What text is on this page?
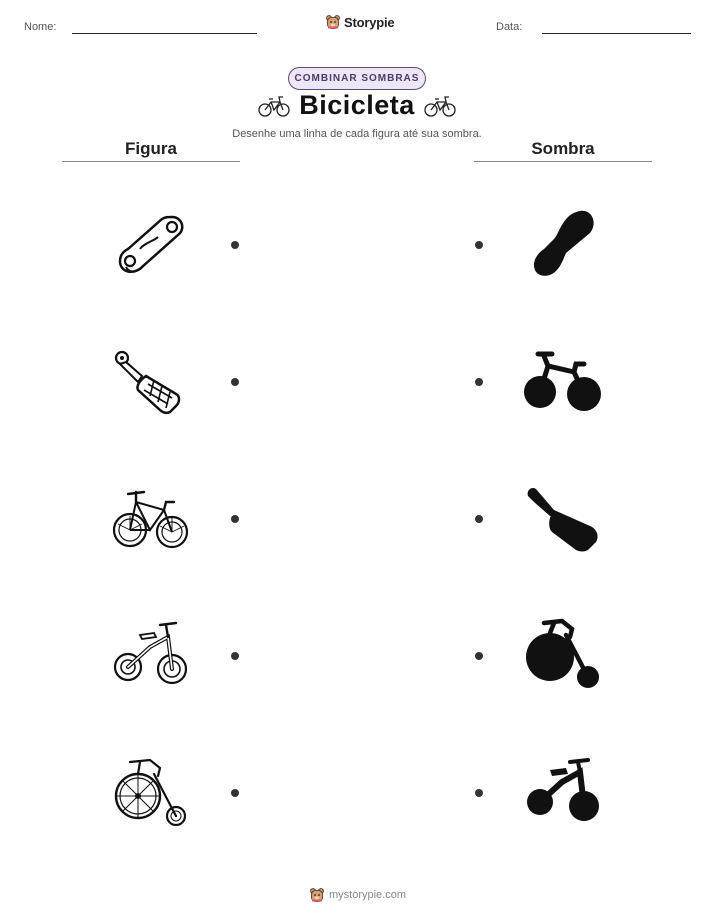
Nome:	Storypie	Data:
COMBINAR SOMBRAS
Bicicleta
Desenhe uma linha de cada figura até sua sombra.
Figura	Sombra
mystorypie.com
